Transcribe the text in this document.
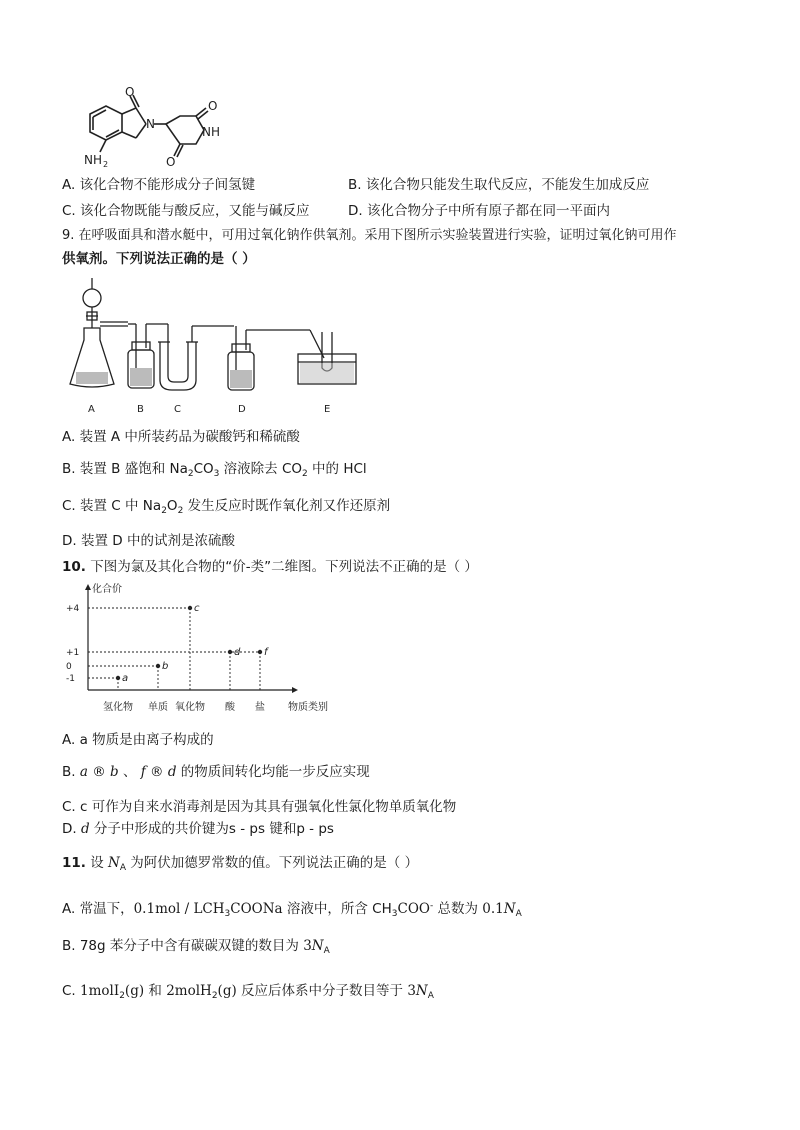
O
N
O
NH
O
NH 2
A. 该化合物不能形成分子间氢键	B. 该化合物只能发生取代反应，不能发生加成反应
C. 该化合物既能与酸反应，又能与碱反应	D. 该化合物分子中所有原子都在同一平面内
9. 在呼吸面具和潜水艇中，可用过氧化钠作供氧剂。采用下图所示实验装置进行实验，证明过氧化钠可用作
供氧剂。下列说法正确的是（ ）
A	B	C	D	E
A. 装置 A 中所装药品为碳酸钙和稀硫酸
B. 装置 B 盛饱和 $Na_2CO_3$ 溶液除去 $CO_2$ 中的 HCl
C. 装置 C 中 $Na_2O_2$ 发生反应时既作氧化剂又作还原剂
D. 装置 D 中的试剂是浓硫酸
10. 下图为氯及其化合物的“价-类”二维图。下列说法不正确的是（ ）
化合价
物质类别
+4
+1
0
-1
氢化物 单质 氧化物 酸 盐
a
b
c
d f
A. a 物质是由离子构成的
B. a ® b 、 f ® d 的物质间转化均能一步反应实现
C. c 可作为自来水消毒剂是因为其具有强氧化性氯化物单质氧化物
D. d 分子中形成的共价键为s - ps 键和p - ps
11. 设 $N_A$ 为阿伏加德罗常数的值。下列说法正确的是（ ）
A. 常温下，$0.1mol / LCH_3COONa$ 溶液中，所含 $CH_3COO^-$ 总数为 $0.1N_A$
B. 78g 苯分子中含有碳碳双键的数目为 $3N_A$
C. 1molI$_2$(g) 和 2molH$_2$(g) 反应后体系中分子数目等于 $3N_A$
